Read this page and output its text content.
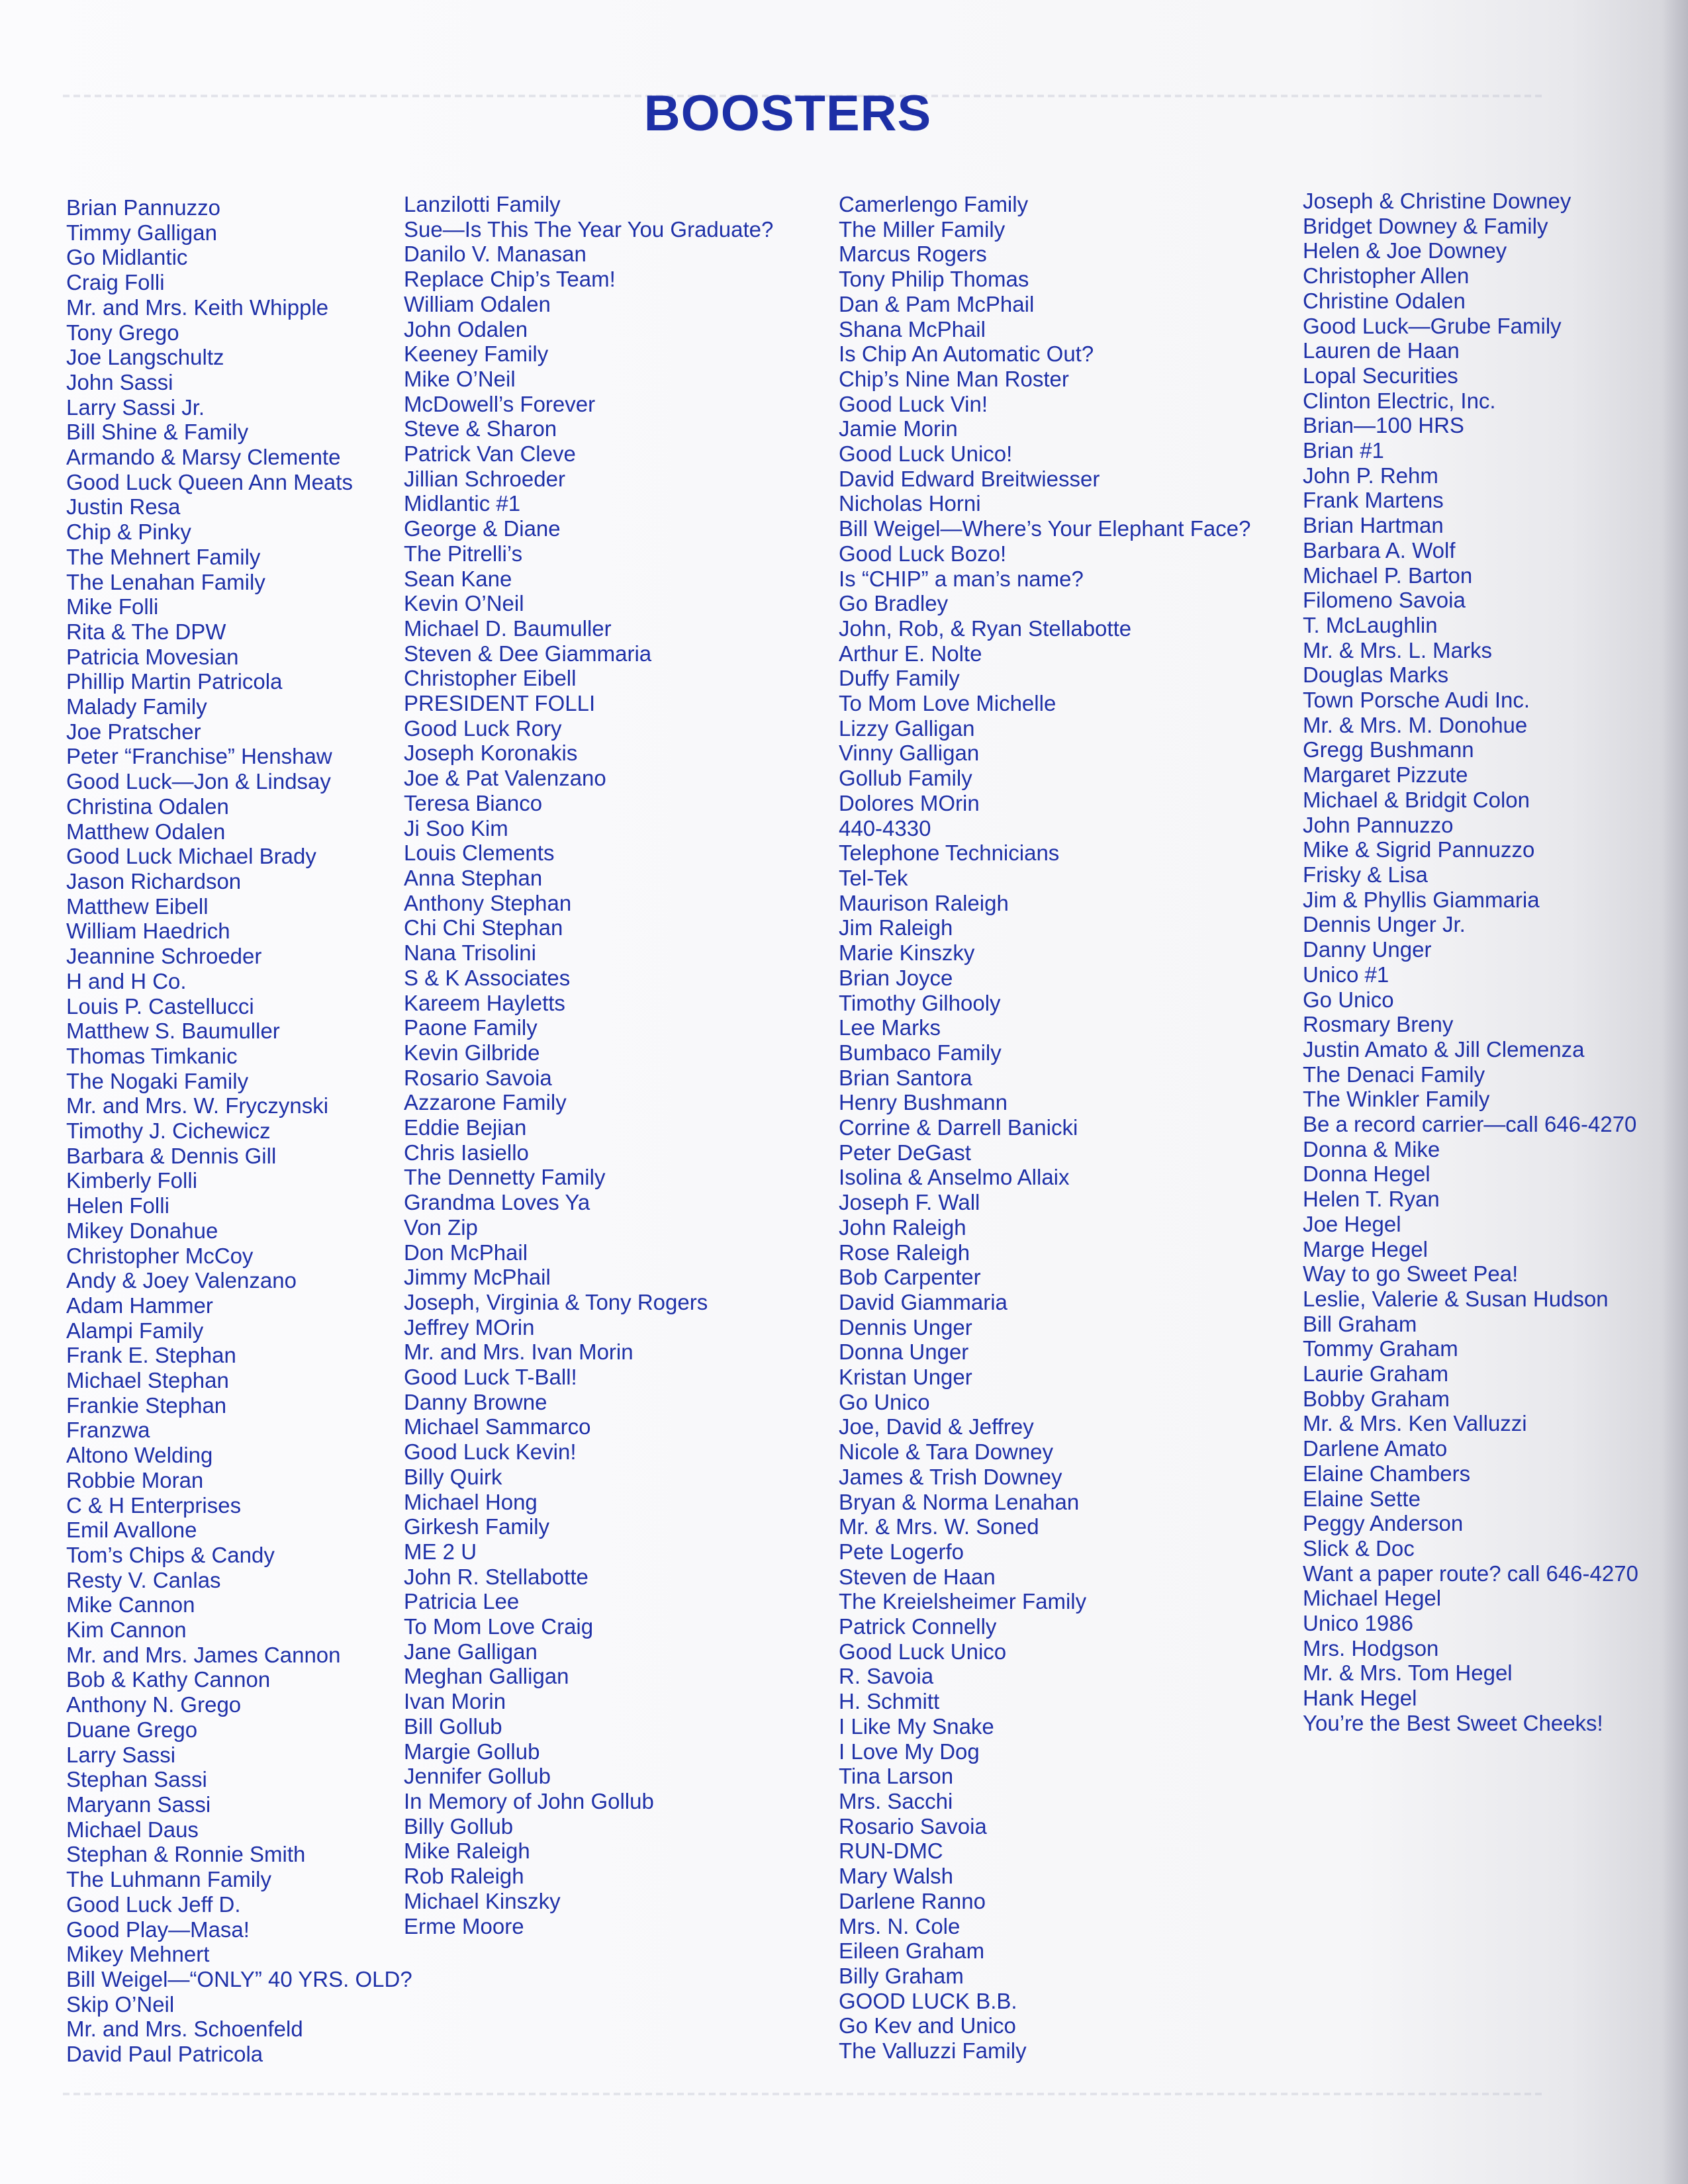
BOOSTERS
Brian Pannuzzo
Timmy Galligan
Go Midlantic
Craig Folli
Mr. and Mrs. Keith Whipple
Tony Grego
Joe Langschultz
John Sassi
Larry Sassi Jr.
Bill Shine & Family
Armando & Marsy Clemente
Good Luck Queen Ann Meats
Justin Resa
Chip & Pinky
The Mehnert Family
The Lenahan Family
Mike Folli
Rita & The DPW
Patricia Movesian
Phillip Martin Patricola
Malady Family
Joe Pratscher
Peter “Franchise” Henshaw
Good Luck—Jon & Lindsay
Christina Odalen
Matthew Odalen
Good Luck Michael Brady
Jason Richardson
Matthew Eibell
William Haedrich
Jeannine Schroeder
H and H Co.
Louis P. Castellucci
Matthew S. Baumuller
Thomas Timkanic
The Nogaki Family
Mr. and Mrs. W. Fryczynski
Timothy J. Cichewicz
Barbara & Dennis Gill
Kimberly Folli
Helen Folli
Mikey Donahue
Christopher McCoy
Andy & Joey Valenzano
Adam Hammer
Alampi Family
Frank E. Stephan
Michael Stephan
Frankie Stephan
Franzwa
Altono Welding
Robbie Moran
C & H Enterprises
Emil Avallone
Tom’s Chips & Candy
Resty V. Canlas
Mike Cannon
Kim Cannon
Mr. and Mrs. James Cannon
Bob & Kathy Cannon
Anthony N. Grego
Duane Grego
Larry Sassi
Stephan Sassi
Maryann Sassi
Michael Daus
Stephan & Ronnie Smith
The Luhmann Family
Good Luck Jeff D.
Good Play—Masa!
Mikey Mehnert
Bill Weigel—“ONLY” 40 YRS. OLD?
Skip O’Neil
Mr. and Mrs. Schoenfeld
David Paul Patricola
Lanzilotti Family
Sue—Is This The Year You Graduate?
Danilo V. Manasan
Replace Chip’s Team!
William Odalen
John Odalen
Keeney Family
Mike O’Neil
McDowell’s Forever
Steve & Sharon
Patrick Van Cleve
Jillian Schroeder
Midlantic #1
George & Diane
The Pitrelli’s
Sean Kane
Kevin O’Neil
Michael D. Baumuller
Steven & Dee Giammaria
Christopher Eibell
PRESIDENT FOLLI
Good Luck Rory
Joseph Koronakis
Joe & Pat Valenzano
Teresa Bianco
Ji Soo Kim
Louis Clements
Anna Stephan
Anthony Stephan
Chi Chi Stephan
Nana Trisolini
S & K Associates
Kareem Hayletts
Paone Family
Kevin Gilbride
Rosario Savoia
Azzarone Family
Eddie Bejian
Chris Iasiello
The Dennetty Family
Grandma Loves Ya
Von Zip
Don McPhail
Jimmy McPhail
Joseph, Virginia & Tony Rogers
Jeffrey MOrin
Mr. and Mrs. Ivan Morin
Good Luck T-Ball!
Danny Browne
Michael Sammarco
Good Luck Kevin!
Billy Quirk
Michael Hong
Girkesh Family
ME 2 U
John R. Stellabotte
Patricia Lee
To Mom Love Craig
Jane Galligan
Meghan Galligan
Ivan Morin
Bill Gollub
Margie Gollub
Jennifer Gollub
In Memory of John Gollub
Billy Gollub
Mike Raleigh
Rob Raleigh
Michael Kinszky
Erme Moore
Camerlengo Family
The Miller Family
Marcus Rogers
Tony Philip Thomas
Dan & Pam McPhail
Shana McPhail
Is Chip An Automatic Out?
Chip’s Nine Man Roster
Good Luck Vin!
Jamie Morin
Good Luck Unico!
David Edward Breitwiesser
Nicholas Horni
Bill Weigel—Where’s Your Elephant Face?
Good Luck Bozo!
Is “CHIP” a man’s name?
Go Bradley
John, Rob, & Ryan Stellabotte
Arthur E. Nolte
Duffy Family
To Mom Love Michelle
Lizzy Galligan
Vinny Galligan
Gollub Family
Dolores MOrin
440-4330
Telephone Technicians
Tel-Tek
Maurison Raleigh
Jim Raleigh
Marie Kinszky
Brian Joyce
Timothy Gilhooly
Lee Marks
Bumbaco Family
Brian Santora
Henry Bushmann
Corrine & Darrell Banicki
Peter DeGast
Isolina & Anselmo Allaix
Joseph F. Wall
John Raleigh
Rose Raleigh
Bob Carpenter
David Giammaria
Dennis Unger
Donna Unger
Kristan Unger
Go Unico
Joe, David & Jeffrey
Nicole & Tara Downey
James & Trish Downey
Bryan & Norma Lenahan
Mr. & Mrs. W. Soned
Pete Logerfo
Steven de Haan
The Kreielsheimer Family
Patrick Connelly
Good Luck Unico
R. Savoia
H. Schmitt
I Like My Snake
I Love My Dog
Tina Larson
Mrs. Sacchi
Rosario Savoia
RUN-DMC
Mary Walsh
Darlene Ranno
Mrs. N. Cole
Eileen Graham
Billy Graham
GOOD LUCK B.B.
Go Kev and Unico
The Valluzzi Family
Joseph & Christine Downey
Bridget Downey & Family
Helen & Joe Downey
Christopher Allen
Christine Odalen
Good Luck—Grube Family
Lauren de Haan
Lopal Securities
Clinton Electric, Inc.
Brian—100 HRS
Brian #1
John P. Rehm
Frank Martens
Brian Hartman
Barbara A. Wolf
Michael P. Barton
Filomeno Savoia
T. McLaughlin
Mr. & Mrs. L. Marks
Douglas Marks
Town Porsche Audi Inc.
Mr. & Mrs. M. Donohue
Gregg Bushmann
Margaret Pizzute
Michael & Bridgit Colon
John Pannuzzo
Mike & Sigrid Pannuzzo
Frisky & Lisa
Jim & Phyllis Giammaria
Dennis Unger Jr.
Danny Unger
Unico #1
Go Unico
Rosmary Breny
Justin Amato & Jill Clemenza
The Denaci Family
The Winkler Family
Be a record carrier—call 646-4270
Donna & Mike
Donna Hegel
Helen T. Ryan
Joe Hegel
Marge Hegel
Way to go Sweet Pea!
Leslie, Valerie & Susan Hudson
Bill Graham
Tommy Graham
Laurie Graham
Bobby Graham
Mr. & Mrs. Ken Valluzzi
Darlene Amato
Elaine Chambers
Elaine Sette
Peggy Anderson
Slick & Doc
Want a paper route? call 646-4270
Michael Hegel
Unico 1986
Mrs. Hodgson
Mr. & Mrs. Tom Hegel
Hank Hegel
You’re the Best Sweet Cheeks!
